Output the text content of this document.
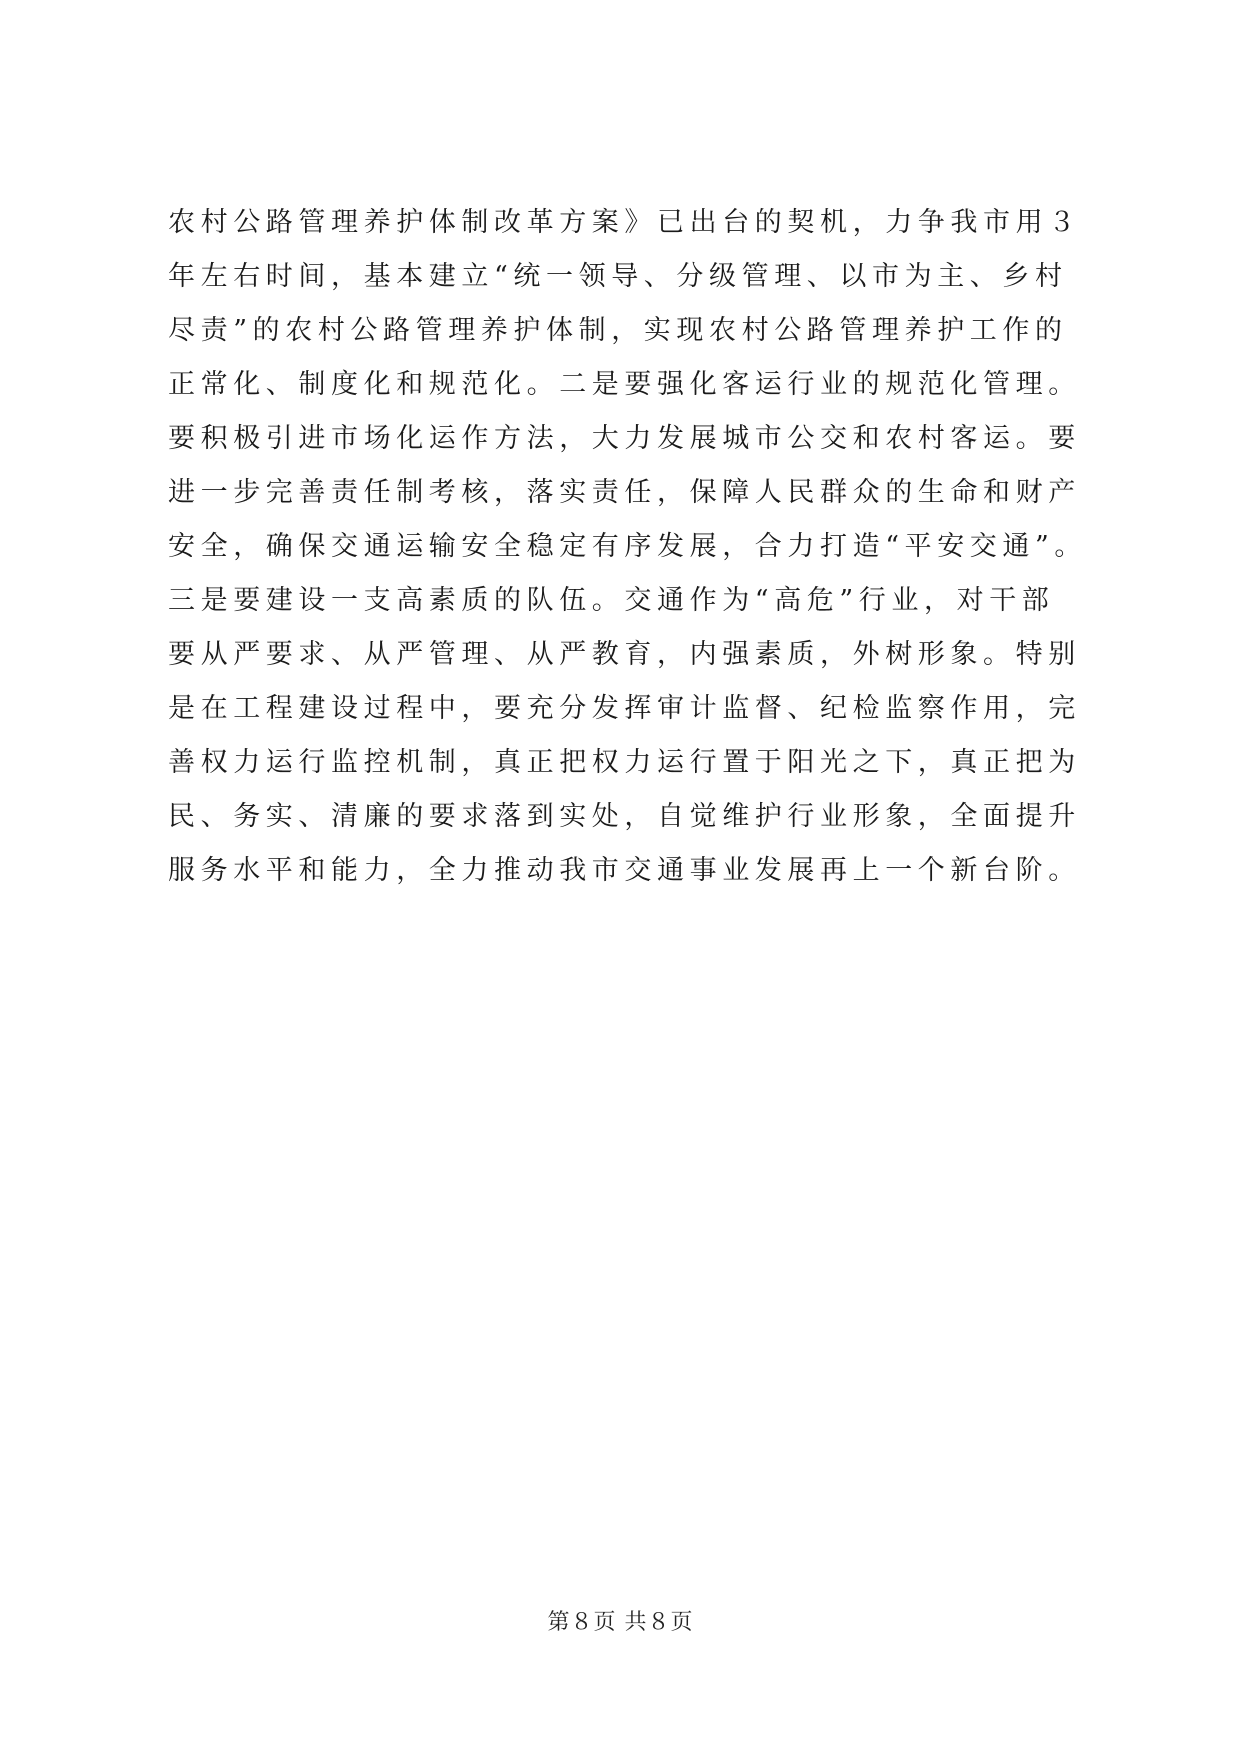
农村公路管理养护体制改革方案》已出台的契机，力争我市用３
年左右时间，基本建立“统一领导、分级管理、以市为主、乡村
尽责”的农村公路管理养护体制，实现农村公路管理养护工作的
正常化、制度化和规范化。二是要强化客运行业的规范化管理。
要积极引进市场化运作方法，大力发展城市公交和农村客运。要
进一步完善责任制考核，落实责任，保障人民群众的生命和财产
安全，确保交通运输安全稳定有序发展，合力打造“平安交通”。
三是要建设一支高素质的队伍。交通作为“高危”行业，对干部
要从严要求、从严管理、从严教育，内强素质，外树形象。特别
是在工程建设过程中，要充分发挥审计监督、纪检监察作用，完
善权力运行监控机制，真正把权力运行置于阳光之下，真正把为
民、务实、清廉的要求落到实处，自觉维护行业形象，全面提升
服务水平和能力，全力推动我市交通事业发展再上一个新台阶。
第８页 共８页
